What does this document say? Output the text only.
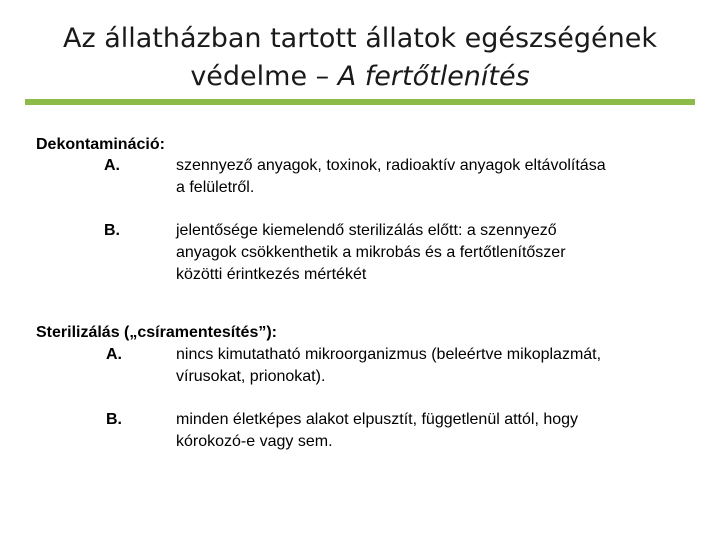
Az állatházban tartott állatok egészségének
védelme – A fertőtlenítés
Dekontamináció:
A.	szennyező anyagok, toxinok, radioaktív anyagok eltávolítása
a felületről.
B.	jelentősége kiemelendő sterilizálás előtt: a szennyező
anyagok csökkenthetik a mikrobás és a fertőtlenítőszer
közötti érintkezés mértékét
Sterilizálás („csíramentesítés”):
A.	nincs kimutatható mikroorganizmus (beleértve mikoplazmát,
vírusokat, prionokat).
B.	minden életképes alakot elpusztít, függetlenül attól, hogy
kórokozó-e vagy sem.
